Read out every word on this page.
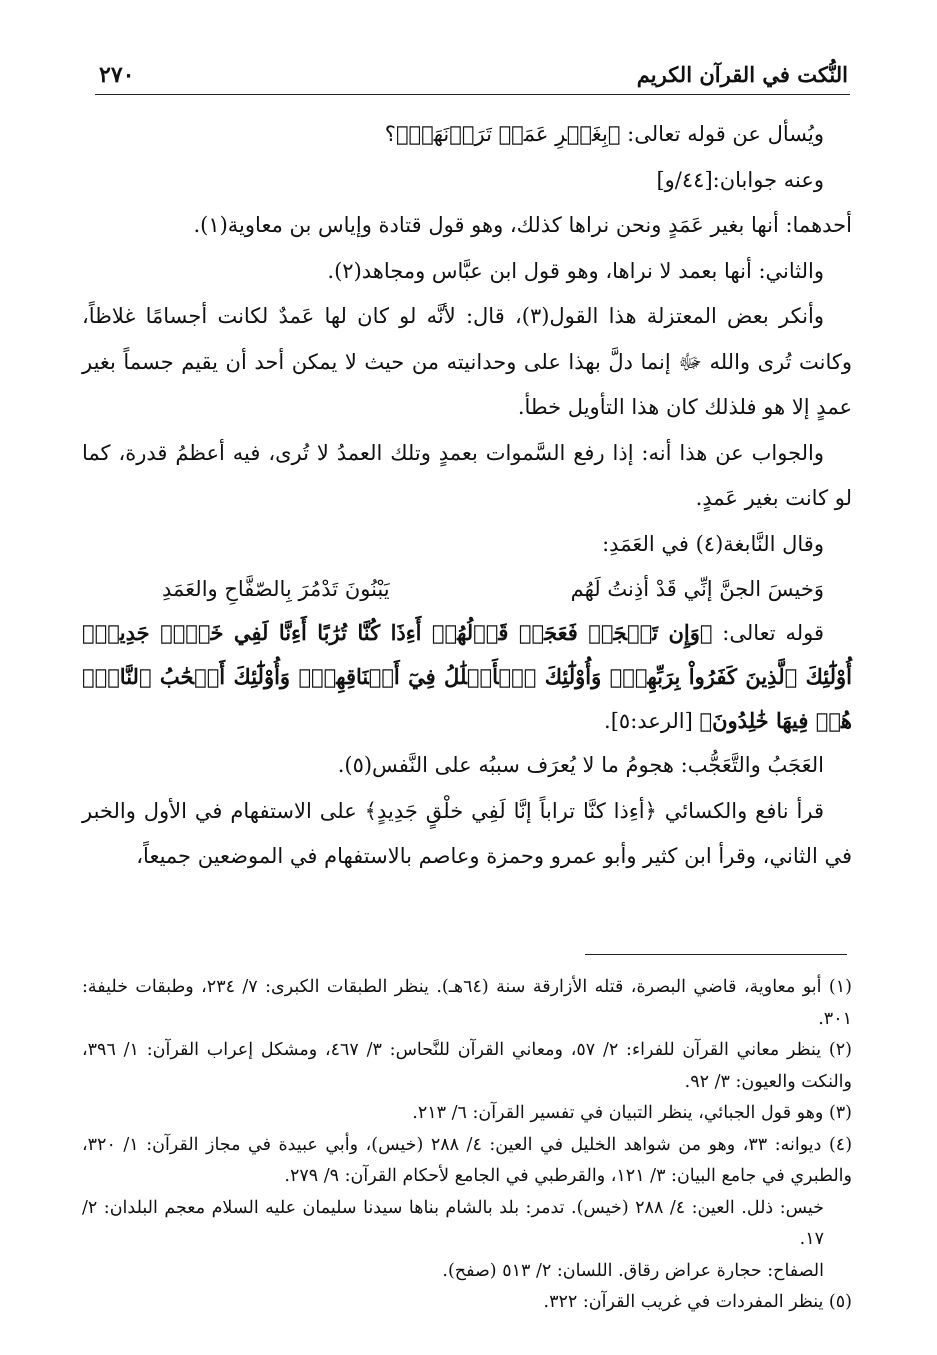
٢٧٠	النُّكت في القرآن الكريم

ويُسأل عن قوله تعالى: ﴿بِغَيۡرِ عَمَدٖ تَرَوۡنَهَاۖ﴾؟

وعنه جوابان:[٤٤/و]

أحدهما: أنها بغير عَمَدٍ ونحن نراها كذلك، وهو قول قتادة وإياس بن معاوية(١).

والثاني: أنها بعمد لا نراها، وهو قول ابن عبَّاس ومجاهد(٢).

وأنكر بعض المعتزلة هذا القول(٣)، قال: لأنَّه لو كان لها عَمدٌ لكانت أجسامًا غلاظاً، وكانت تُرى والله ﷻ إنما دلَّ بهذا على وحدانيته من حيث لا يمكن أحد أن يقيم جسماً بغير عمدٍ إلا هو فلذلك كان هذا التأويل خطأ.

والجواب عن هذا أنه: إذا رفع السَّموات بعمدٍ وتلك العمدُ لا تُرى، فيه أعظمُ قدرة، كما لو كانت بغير عَمدٍ.

وقال النَّابغة(٤) في العَمَدِ:

وَخيسَ الجنَّ إنِّي قَدْ أذِنتُ لَهُم
يَبْنُونَ تَدْمُرَ بِالصّفَّاحِ والعَمَدِ

قوله تعالى: ﴿وَإِن تَعۡجَبۡ فَعَجَبٞ قَوۡلُهُمۡ أَءِذَا كُنَّا تُرَٰبًا أَءِنَّا لَفِي خَلۡقٖ جَدِيدٍۗ أُوْلَٰٓئِكَ ٱلَّذِينَ كَفَرُواْ بِرَبِّهِمۡۖ وَأُوْلَٰٓئِكَ ٱلۡأَغۡلَٰلُ فِيٓ أَعۡنَاقِهِمۡۖ وَأُوْلَٰٓئِكَ أَصۡحَٰبُ ٱلنَّارِۖ هُمۡ فِيهَا خَٰلِدُونَ﴾ [الرعد:٥].

العَجَبُ والتَّعَجُّب: هجومُ ما لا يُعرَف سببُه على النَّفس(٥).

قرأ نافع والكسائي ﴿أءِذا كنَّا تراباً إنَّا لَفِي خلْقٍ جَدِيدٍ﴾ على الاستفهام في الأول والخبر في الثاني، وقرأ ابن كثير وأبو عمرو وحمزة وعاصم بالاستفهام في الموضعين جميعاً،

(١) أبو معاوية، قاضي البصرة، قتله الأزارقة سنة (٦٤هـ). ينظر الطبقات الكبرى: ٧/ ٢٣٤، وطبقات خليفة: ٣٠١.

(٢) ينظر معاني القرآن للفراء: ٢/ ٥٧، ومعاني القرآن للنَّحاس: ٣/ ٤٦٧، ومشكل إعراب القرآن: ١/ ٣٩٦، والنكت والعيون: ٣/ ٩٢.

(٣) وهو قول الجبائي، ينظر التبيان في تفسير القرآن: ٦/ ٢١٣.

(٤) ديوانه: ٣٣، وهو من شواهد الخليل في العين: ٤/ ٢٨٨ (خيس)، وأبي عبيدة في مجاز القرآن: ١/ ٣٢٠، والطبري في جامع البيان: ٣/ ١٢١، والقرطبي في الجامع لأحكام القرآن: ٩/ ٢٧٩.

خيس: ذلل. العين: ٤/ ٢٨٨ (خيس). تدمر: بلد بالشام بناها سيدنا سليمان عليه السلام معجم البلدان: ٢/ ١٧.

الصفاح: حجارة عراض رقاق. اللسان: ٢/ ٥١٣ (صفح).

(٥) ينظر المفردات في غريب القرآن: ٣٢٢.
